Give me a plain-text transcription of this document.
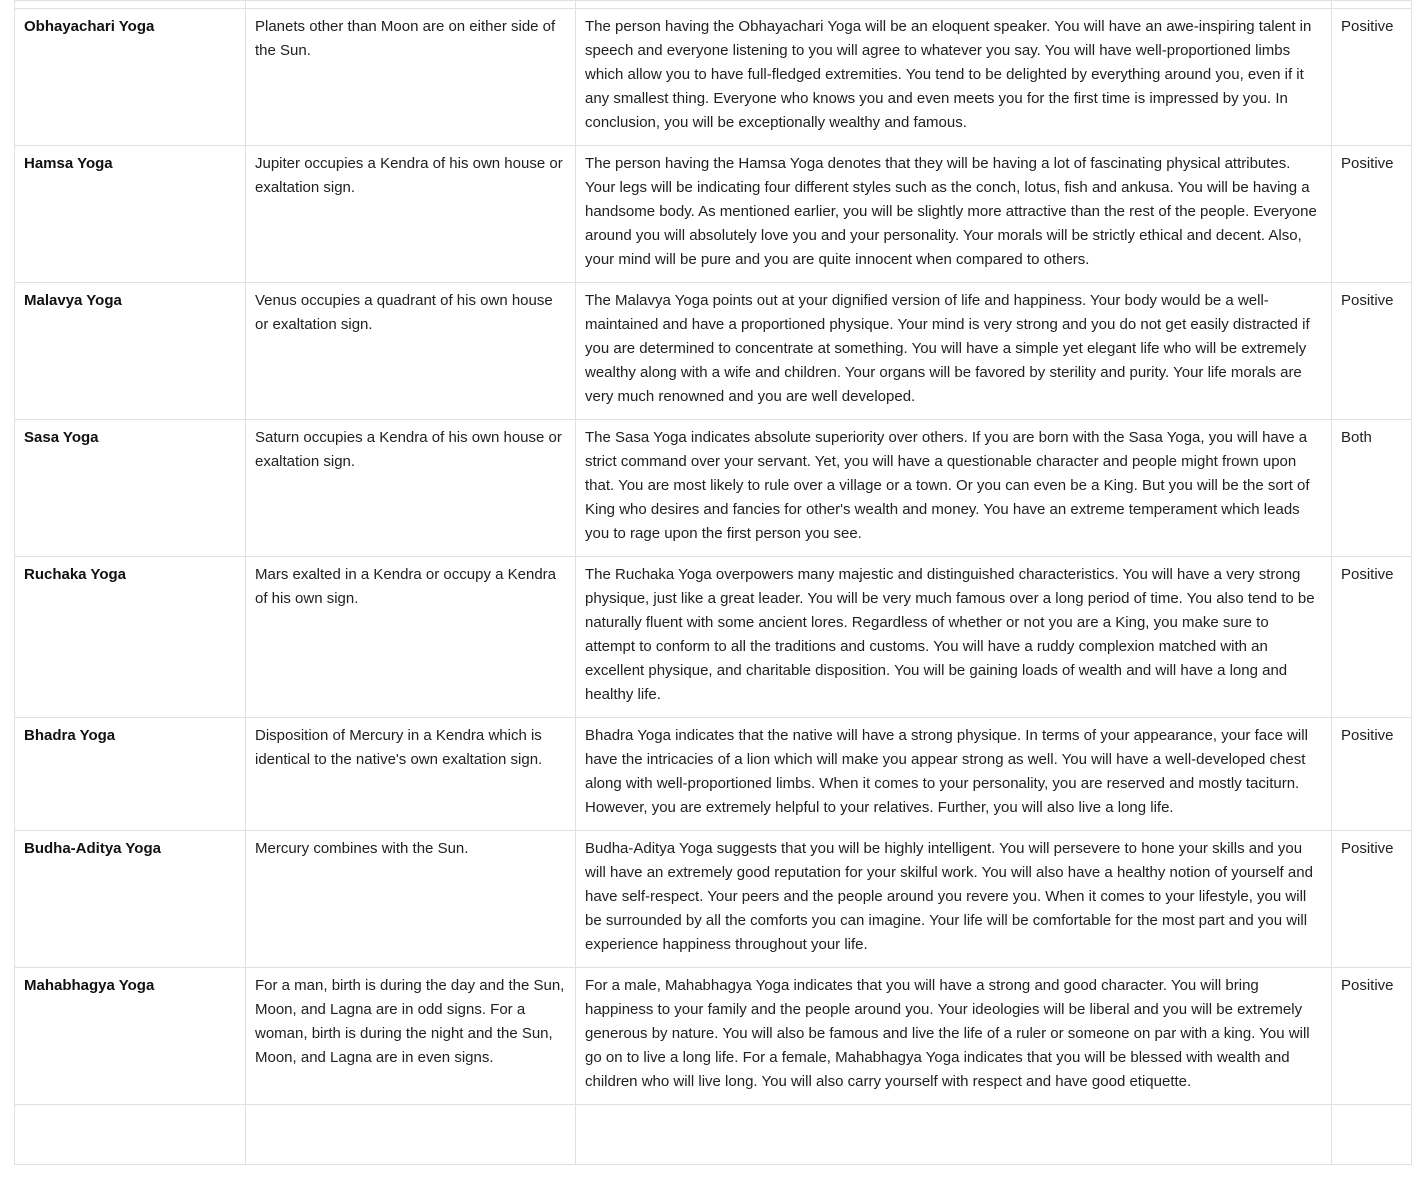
Obhayachari Yoga	Planets other than Moon are on either side of the Sun.	The person having the Obhayachari Yoga will be an eloquent speaker. You will have an awe-inspiring talent in speech and everyone listening to you will agree to whatever you say. You will have well-proportioned limbs which allow you to have full-fledged extremities. You tend to be delighted by everything around you, even if it any smallest thing. Everyone who knows you and even meets you for the first time is impressed by you. In conclusion, you will be exceptionally wealthy and famous.	Positive
Hamsa Yoga	Jupiter occupies a Kendra of his own house or exaltation sign.	The person having the Hamsa Yoga denotes that they will be having a lot of fascinating physical attributes. Your legs will be indicating four different styles such as the conch, lotus, fish and ankusa. You will be having a handsome body. As mentioned earlier, you will be slightly more attractive than the rest of the people. Everyone around you will absolutely love you and your personality. Your morals will be strictly ethical and decent. Also, your mind will be pure and you are quite innocent when compared to others.	Positive
Malavya Yoga	Venus occupies a quadrant of his own house or exaltation sign.	The Malavya Yoga points out at your dignified version of life and happiness. Your body would be a well-maintained and have a proportioned physique. Your mind is very strong and you do not get easily distracted if you are determined to concentrate at something. You will have a simple yet elegant life who will be extremely wealthy along with a wife and children. Your organs will be favored by sterility and purity. Your life morals are very much renowned and you are well developed.	Positive
Sasa Yoga	Saturn occupies a Kendra of his own house or exaltation sign.	The Sasa Yoga indicates absolute superiority over others. If you are born with the Sasa Yoga, you will have a strict command over your servant. Yet, you will have a questionable character and people might frown upon that. You are most likely to rule over a village or a town. Or you can even be a King. But you will be the sort of King who desires and fancies for other's wealth and money. You have an extreme temperament which leads you to rage upon the first person you see.	Both
Ruchaka Yoga	Mars exalted in a Kendra or occupy a Kendra of his own sign.	The Ruchaka Yoga overpowers many majestic and distinguished characteristics. You will have a very strong physique, just like a great leader. You will be very much famous over a long period of time. You also tend to be naturally fluent with some ancient lores. Regardless of whether or not you are a King, you make sure to attempt to conform to all the traditions and customs. You will have a ruddy complexion matched with an excellent physique, and charitable disposition. You will be gaining loads of wealth and will have a long and healthy life.	Positive
Bhadra Yoga	Disposition of Mercury in a Kendra which is identical to the native's own exaltation sign.	Bhadra Yoga indicates that the native will have a strong physique. In terms of your appearance, your face will have the intricacies of a lion which will make you appear strong as well. You will have a well-developed chest along with well-proportioned limbs. When it comes to your personality, you are reserved and mostly taciturn. However, you are extremely helpful to your relatives. Further, you will also live a long life.	Positive
Budha-Aditya Yoga	Mercury combines with the Sun.	Budha-Aditya Yoga suggests that you will be highly intelligent. You will persevere to hone your skills and you will have an extremely good reputation for your skilful work. You will also have a healthy notion of yourself and have self-respect. Your peers and the people around you revere you. When it comes to your lifestyle, you will be surrounded by all the comforts you can imagine. Your life will be comfortable for the most part and you will experience happiness throughout your life.	Positive
Mahabhagya Yoga	For a man, birth is during the day and the Sun, Moon, and Lagna are in odd signs. For a woman, birth is during the night and the Sun, Moon, and Lagna are in even signs.	For a male, Mahabhagya Yoga indicates that you will have a strong and good character. You will bring happiness to your family and the people around you. Your ideologies will be liberal and you will be extremely generous by nature. You will also be famous and live the life of a ruler or someone on par with a king. You will go on to live a long life. For a female, Mahabhagya Yoga indicates that you will be blessed with wealth and children who will live long. You will also carry yourself with respect and have good etiquette.	Positive
